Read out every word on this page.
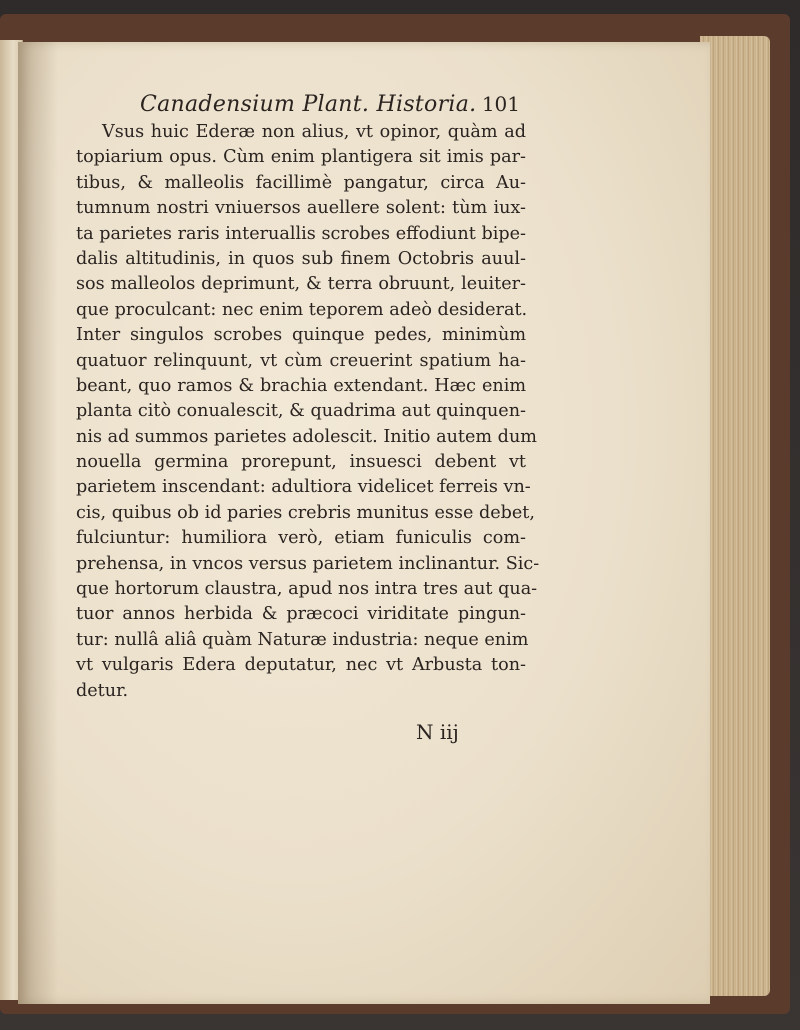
Canadensium Plant. Historia. 101
Vsus huic Ederæ non alius, vt opinor, quàm ad
topiarium opus. Cùm enim plantigera sit imis par-
tibus, & malleolis facillimè pangatur, circa Au-
tumnum nostri vniuersos auellere solent: tùm iux-
ta parietes raris interuallis scrobes effodiunt bipe-
dalis altitudinis, in quos sub finem Octobris auul-
sos malleolos deprimunt, & terra obruunt, leuiter-
que proculcant: nec enim teporem adeò desiderat.
Inter singulos scrobes quinque pedes, minimùm
quatuor relinquunt, vt cùm creuerint spatium ha-
beant, quo ramos & brachia extendant. Hæc enim
planta citò conualescit, & quadrima aut quinquen-
nis ad summos parietes adolescit. Initio autem dum
nouella germina prorepunt, insuesci debent vt
parietem inscendant: adultiora videlicet ferreis vn-
cis, quibus ob id paries crebris munitus esse debet,
fulciuntur: humiliora verò, etiam funiculis com-
prehensa, in vncos versus parietem inclinantur. Sic-
que hortorum claustra, apud nos intra tres aut qua-
tuor annos herbida & præcoci viriditate pingun-
tur: nullâ aliâ quàm Naturæ industria: neque enim
vt vulgaris Edera deputatur, nec vt Arbusta ton-
detur.
N iij
